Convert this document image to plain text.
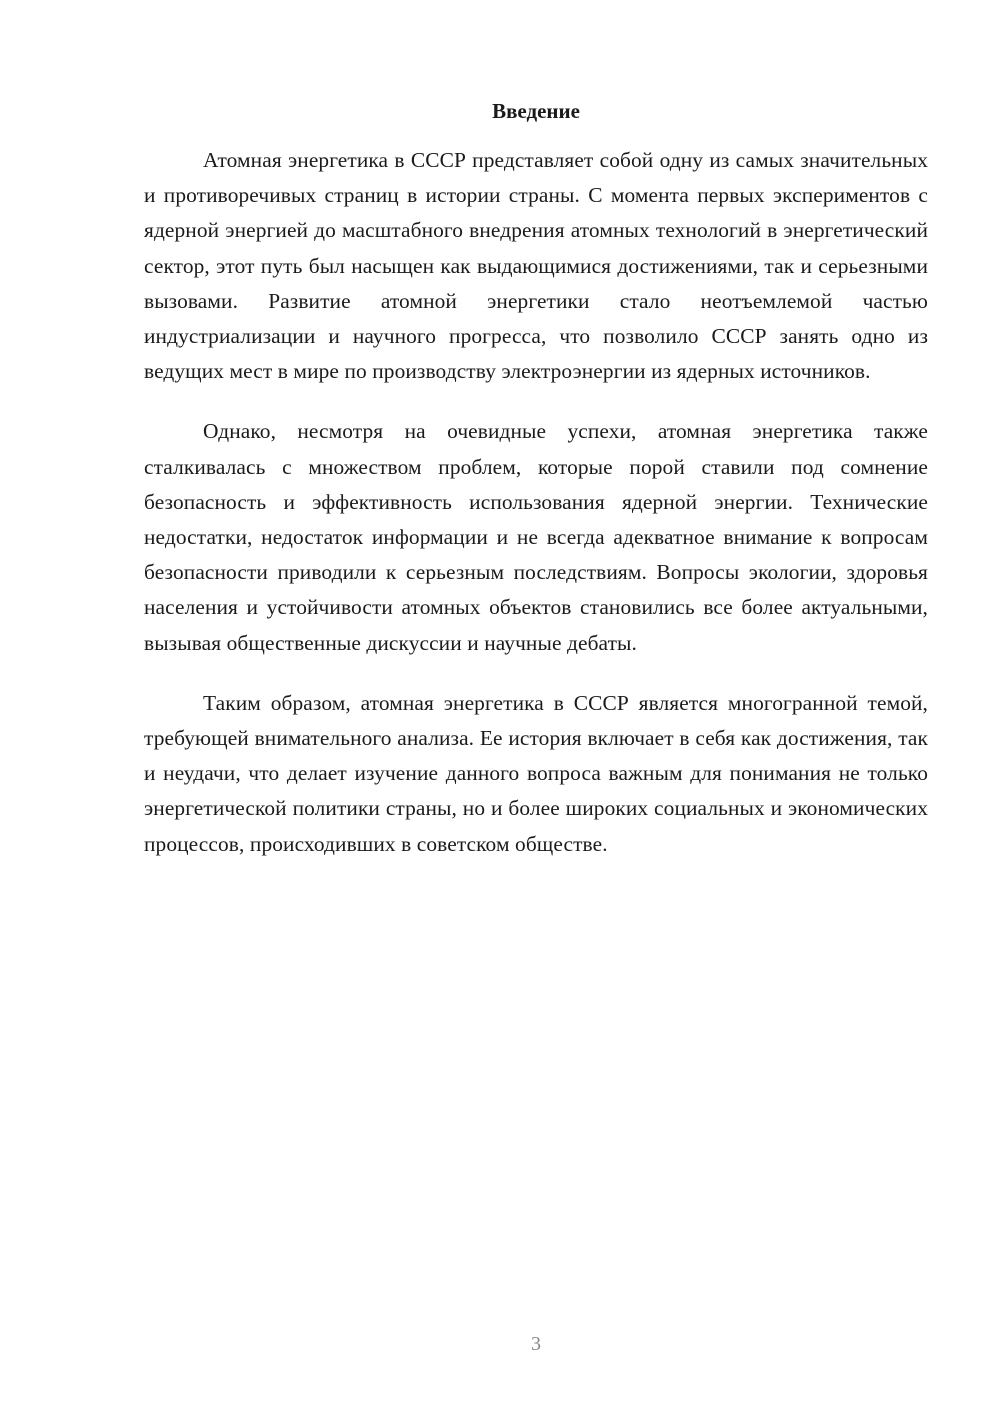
Введение

Атомная энергетика в СССР представляет собой одну из самых значительных и противоречивых страниц в истории страны. С момента первых экспериментов с ядерной энергией до масштабного внедрения атомных технологий в энергетический сектор, этот путь был насыщен как выдающимися достижениями, так и серьезными вызовами. Развитие атомной энергетики стало неотъемлемой частью индустриализации и научного прогресса, что позволило СССР занять одно из ведущих мест в мире по производству электроэнергии из ядерных источников.

Однако, несмотря на очевидные успехи, атомная энергетика также сталкивалась с множеством проблем, которые порой ставили под сомнение безопасность и эффективность использования ядерной энергии. Технические недостатки, недостаток информации и не всегда адекватное внимание к вопросам безопасности приводили к серьезным последствиям. Вопросы экологии, здоровья населения и устойчивости атомных объектов становились все более актуальными, вызывая общественные дискуссии и научные дебаты.

Таким образом, атомная энергетика в СССР является многогранной темой, требующей внимательного анализа. Ее история включает в себя как достижения, так и неудачи, что делает изучение данного вопроса важным для понимания не только энергетической политики страны, но и более широких социальных и экономических процессов, происходивших в советском обществе.

3
